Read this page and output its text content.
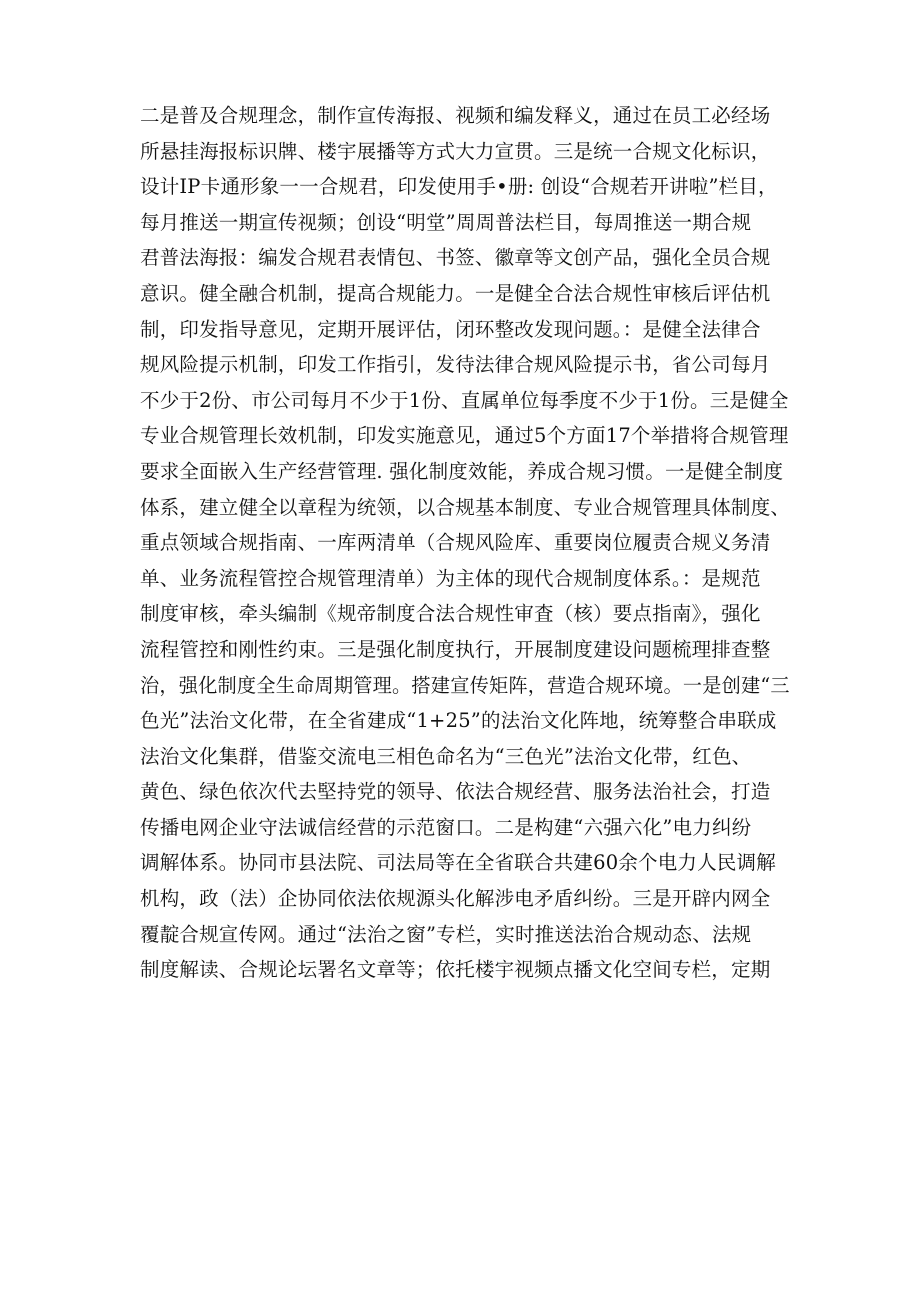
二是普及合规理念，制作宣传海报、视频和编发释义，通过在员工必经场
所悬挂海报标识牌、楼宇展播等方式大力宣贯。三是统一合规文化标识，
设计IP卡通形象一一合规君，印发使用手•册: 创设“合规若开讲啦”栏目，
每月推送一期宣传视频；创设“明堂”周周普法栏目，每周推送一期合规
君普法海报：编发合规君表情包、书签、徽章等文创产品，强化全员合规
意识。健全融合机制，提高合规能力。一是健全合法合规性审核后评估机
制，印发指导意见，定期开展评估，闭环整改发现问题。：是健全法律合
规风险提示机制，印发工作指引，发待法律合规风险提示书，省公司每月
不少于2份、市公司每月不少于1份、直属单位每季度不少于1份。三是健全
专业合规管理长效机制，印发实施意见，通过5个方面17个举措将合规管理
要求全面嵌入生产经营管理. 强化制度效能，养成合规习惯。一是健全制度
体系，建立健全以章程为统领，以合规基本制度、专业合规管理具体制度、
重点领域合规指南、一库两清单（合规风险库、重要岗位履责合规义务清
单、业务流程管控合规管理清单）为主体的现代合规制度体系。：是规范
制度审核，牵头编制《规帝制度合法合规性审査（核）要点指南》，强化
流程管控和刚性约束。三是强化制度执行，开展制度建设问题梳理排查整
治，强化制度全生命周期管理。搭建宣传矩阵，营造合规环境。一是创建“三
色光”法治文化带，在全省建成“1+25”的法治文化阵地，统筹整合串联成
法治文化集群，借鉴交流电三相色命名为“三色光”法治文化带，红色、
黄色、绿色依次代去堅持党的领导、依法合规经营、服务法治社会，打造
传播电网企业守法诚信经营的示范窗口。二是构建“六强六化”电力纠纷
调解体系。协同市县法院、司法局等在全省联合共建60余个电力人民调解
机构，政（法）企协同依法依规源头化解涉电矛盾纠纷。三是开辟内网全
覆靛合规宣传网。通过“法治之窗”专栏，实时推送法治合规动态、法规
制度解读、合规论坛署名文章等；依托楼宇视频点播文化空间专栏，定期
